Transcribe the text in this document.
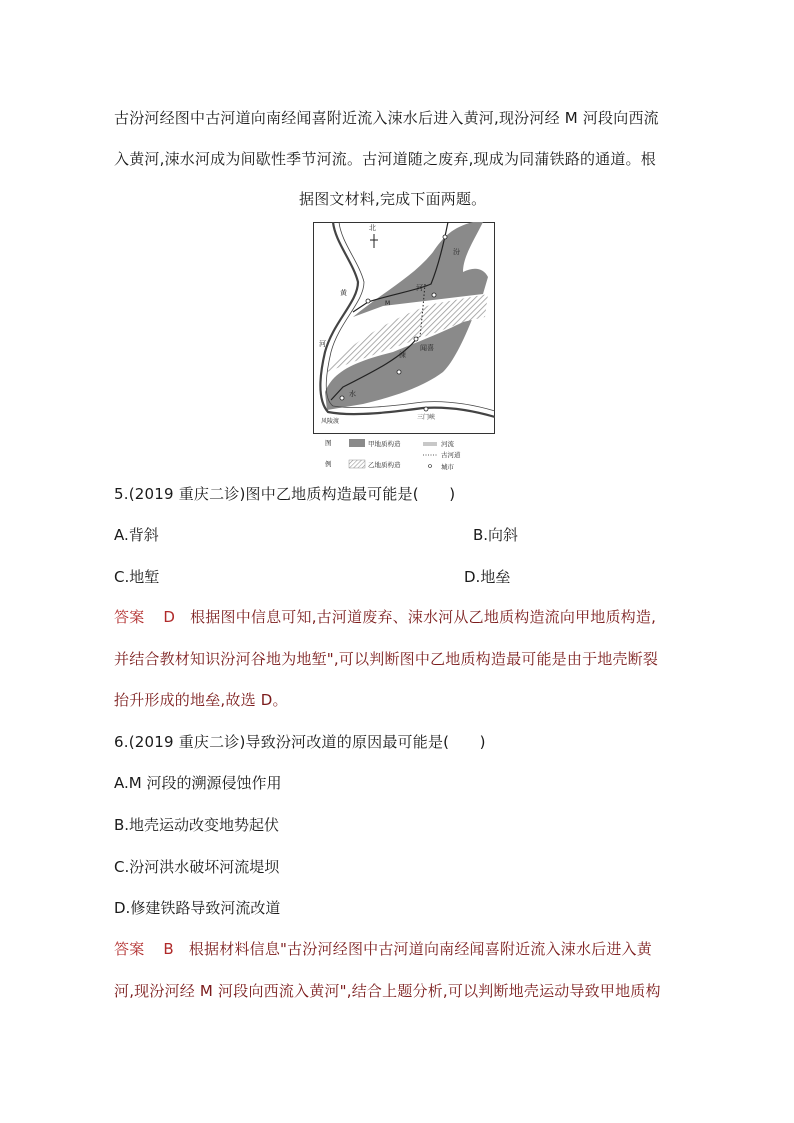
古汾河经图中古河道向南经闻喜附近流入涑水后进入黄河,现汾河经 M 河段向西流
入黄河,涑水河成为间歇性季节河流。古河道随之废弃,现成为同蒲铁路的通道。根
据图文材料,完成下面两题。
北
汾
黄
M
河
河	闻喜
涑
水
风陵渡
三门峡
图
例
甲地质构造
乙地质构造
河流
古河道
城市
5.(2019 重庆二诊)图中乙地质构造最可能是(　　)
A.背斜	B.向斜
C.地堑	D.地垒
答案 D 根据图中信息可知,古河道废弃、涑水河从乙地质构造流向甲地质构造,
并结合教材知识汾河谷地为地堑",可以判断图中乙地质构造最可能是由于地壳断裂
抬升形成的地垒,故选 D。
6.(2019 重庆二诊)导致汾河改道的原因最可能是(　　)
A.M 河段的溯源侵蚀作用
B.地壳运动改变地势起伏
C.汾河洪水破坏河流堤坝
D.修建铁路导致河流改道
答案 B 根据材料信息"古汾河经图中古河道向南经闻喜附近流入涑水后进入黄
河,现汾河经 M 河段向西流入黄河",结合上题分析,可以判断地壳运动导致甲地质构
